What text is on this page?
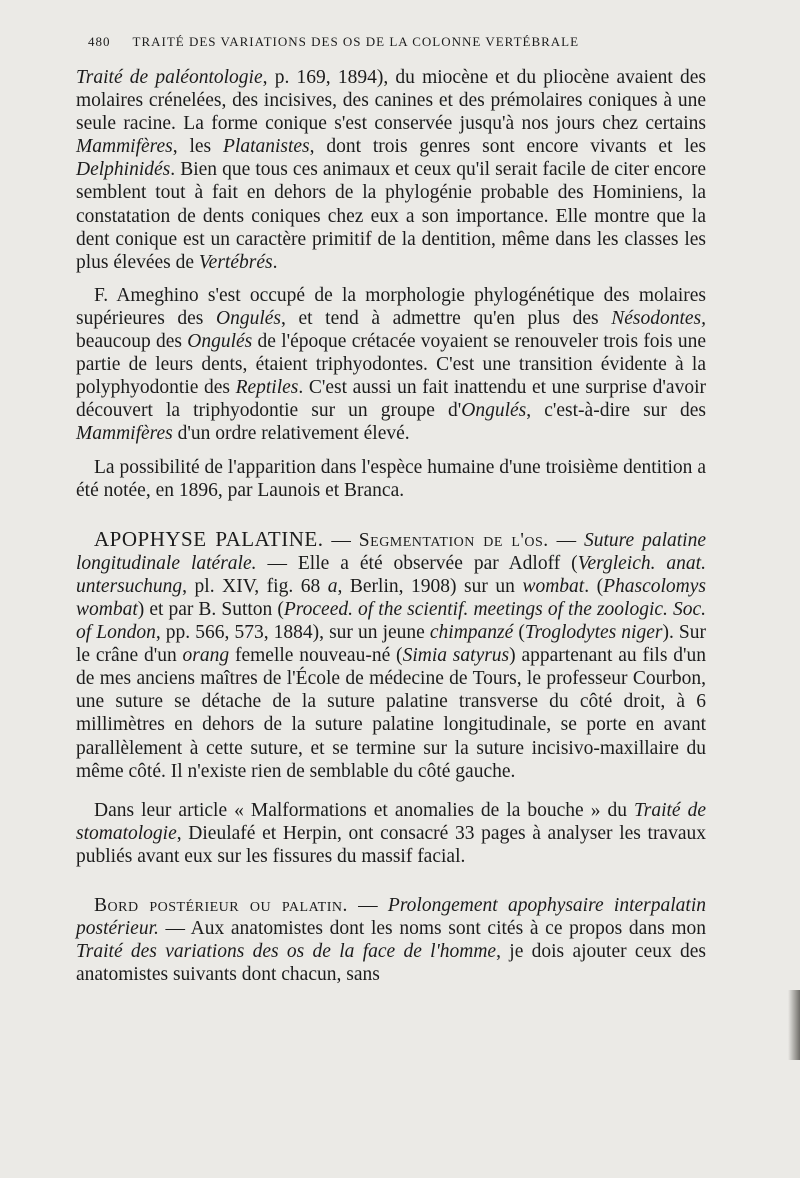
480 TRAITÉ DES VARIATIONS DES OS DE LA COLONNE VERTÉBRALE

Traité de paléontologie, p. 169, 1894), du miocène et du pliocène avaient des molaires crénelées, des incisives, des canines et des prémolaires coniques à une seule racine. La forme conique s'est conservée jusqu'à nos jours chez certains Mammifères, les Platanistes, dont trois genres sont encore vivants et les Delphinidés. Bien que tous ces animaux et ceux qu'il serait facile de citer encore semblent tout à fait en dehors de la phylogénie probable des Hominiens, la constatation de dents coniques chez eux a son importance. Elle montre que la dent conique est un caractère primitif de la dentition, même dans les classes les plus élevées de Vertébrés.

F. Ameghino s'est occupé de la morphologie phylogénétique des molaires supérieures des Ongulés, et tend à admettre qu'en plus des Nésodontes, beaucoup des Ongulés de l'époque crétacée voyaient se renouveler trois fois une partie de leurs dents, étaient triphyodontes. C'est une transition évidente à la polyphyodontie des Reptiles. C'est aussi un fait inattendu et une surprise d'avoir découvert la triphyodontie sur un groupe d'Ongulés, c'est-à-dire sur des Mammifères d'un ordre relativement élevé.

La possibilité de l'apparition dans l'espèce humaine d'une troisième dentition a été notée, en 1896, par Launois et Branca.

APOPHYSE PALATINE. — Segmentation de l'os. — Suture palatine longitudinale latérale. — Elle a été observée par Adloff (Vergleich. anat. untersuchung, pl. XIV, fig. 68 a, Berlin, 1908) sur un wombat. (Phascolomys wombat) et par B. Sutton (Proceed. of the scientif. meetings of the zoologic. Soc. of London, pp. 566, 573, 1884), sur un jeune chimpanzé (Troglodytes niger). Sur le crâne d'un orang femelle nouveau-né (Simia satyrus) appartenant au fils d'un de mes anciens maîtres de l'École de médecine de Tours, le professeur Courbon, une suture se détache de la suture palatine transverse du côté droit, à 6 millimètres en dehors de la suture palatine longitudinale, se porte en avant parallèlement à cette suture, et se termine sur la suture incisivo-maxillaire du même côté. Il n'existe rien de semblable du côté gauche.

Dans leur article « Malformations et anomalies de la bouche » du Traité de stomatologie, Dieulafé et Herpin, ont consacré 33 pages à analyser les travaux publiés avant eux sur les fissures du massif facial.

Bord postérieur ou palatin. — Prolongement apophysaire interpalatin postérieur. — Aux anatomistes dont les noms sont cités à ce propos dans mon Traité des variations des os de la face de l'homme, je dois ajouter ceux des anatomistes suivants dont chacun, sans
